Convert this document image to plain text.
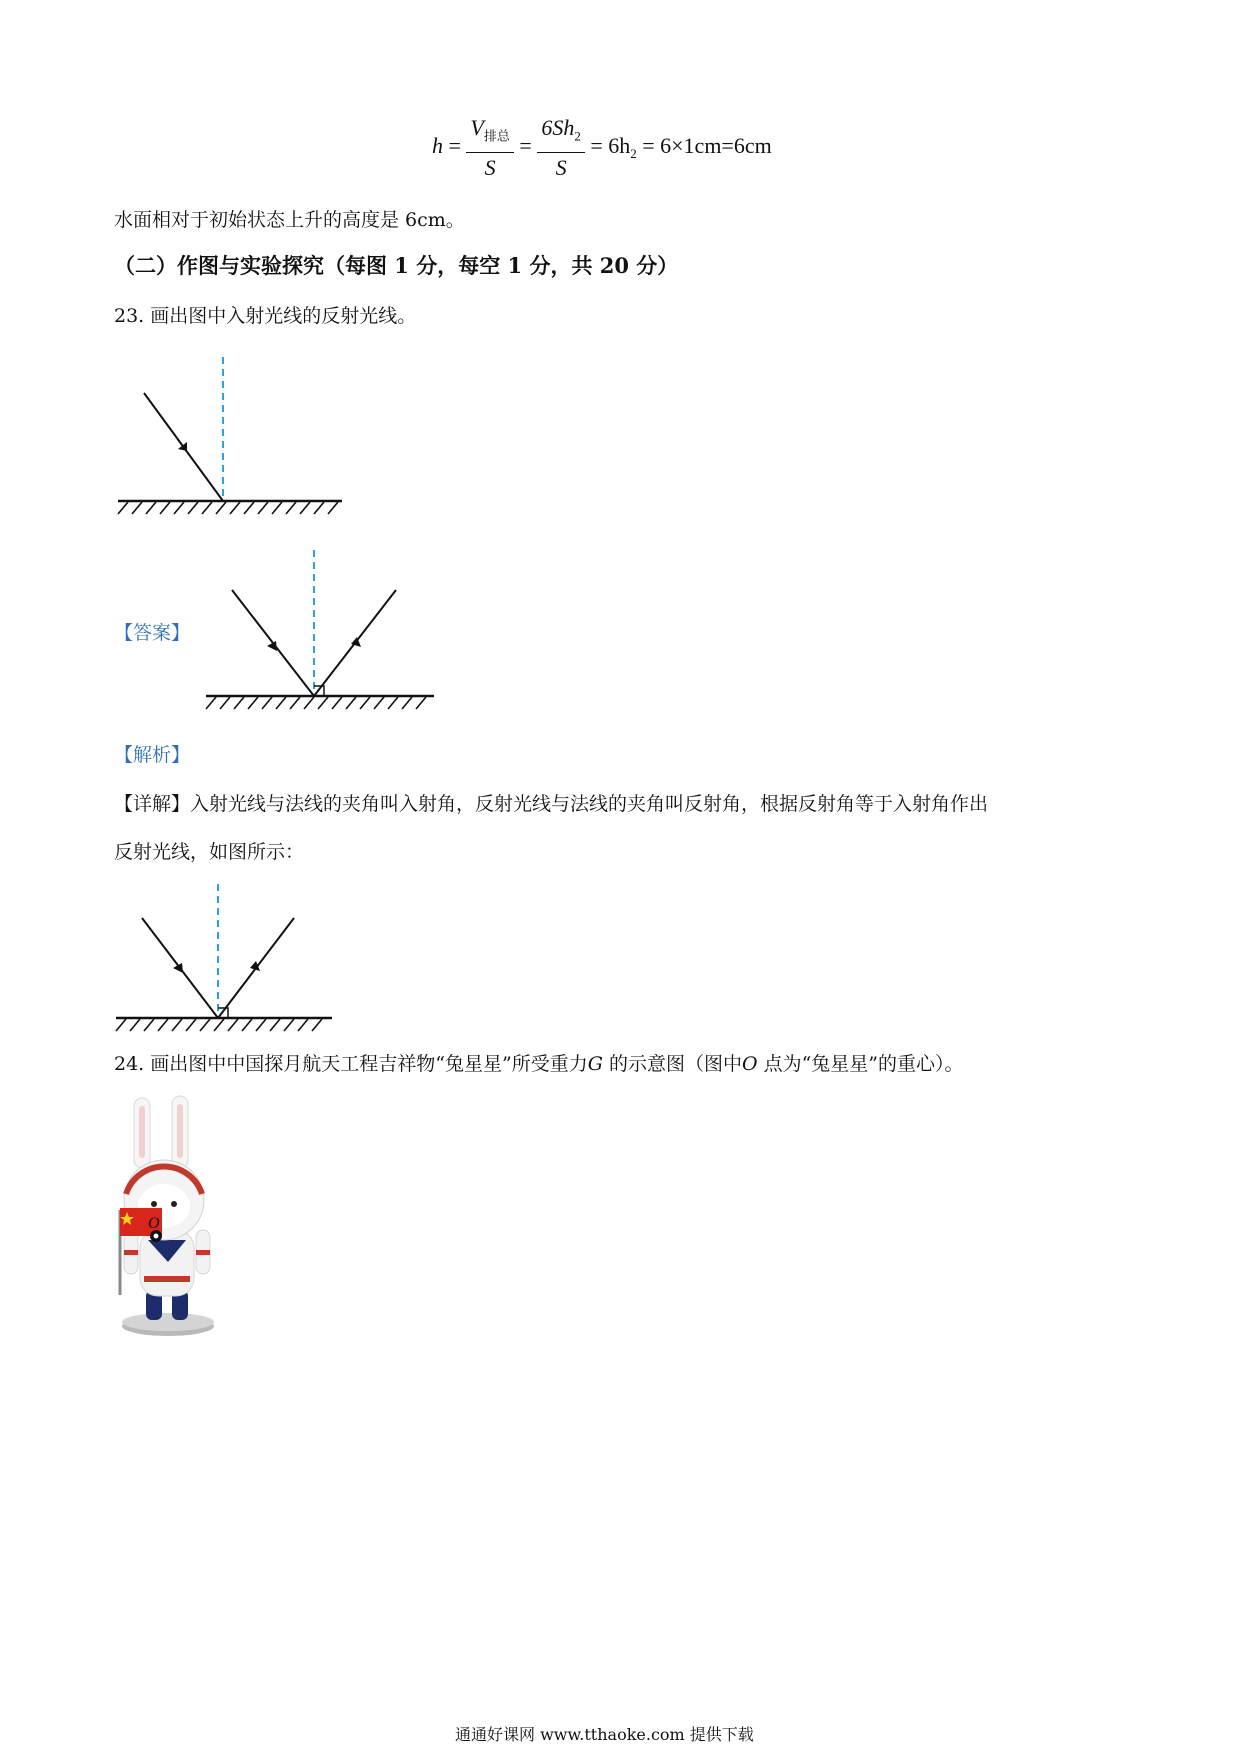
$h = \frac{V_{排总}}{S} = \frac{6Sh_2}{S} = 6h_2 = 6\times 1cm=6cm$
水面相对于初始状态上升的高度是 6cm。
（二）作图与实验探究（每图 1 分，每空 1 分，共 20 分）
23. 画出图中入射光线的反射光线。
【答案】
【解析】
【详解】入射光线与法线的夹角叫入射角，反射光线与法线的夹角叫反射角，根据反射角等于入射角作出
反射光线，如图所示：
24. 画出图中中国探月航天工程吉祥物“兔星星”所受重力G 的示意图（图中O 点为“兔星星”的重心）。
O
通通好课网 www.tthaoke.com 提供下载
